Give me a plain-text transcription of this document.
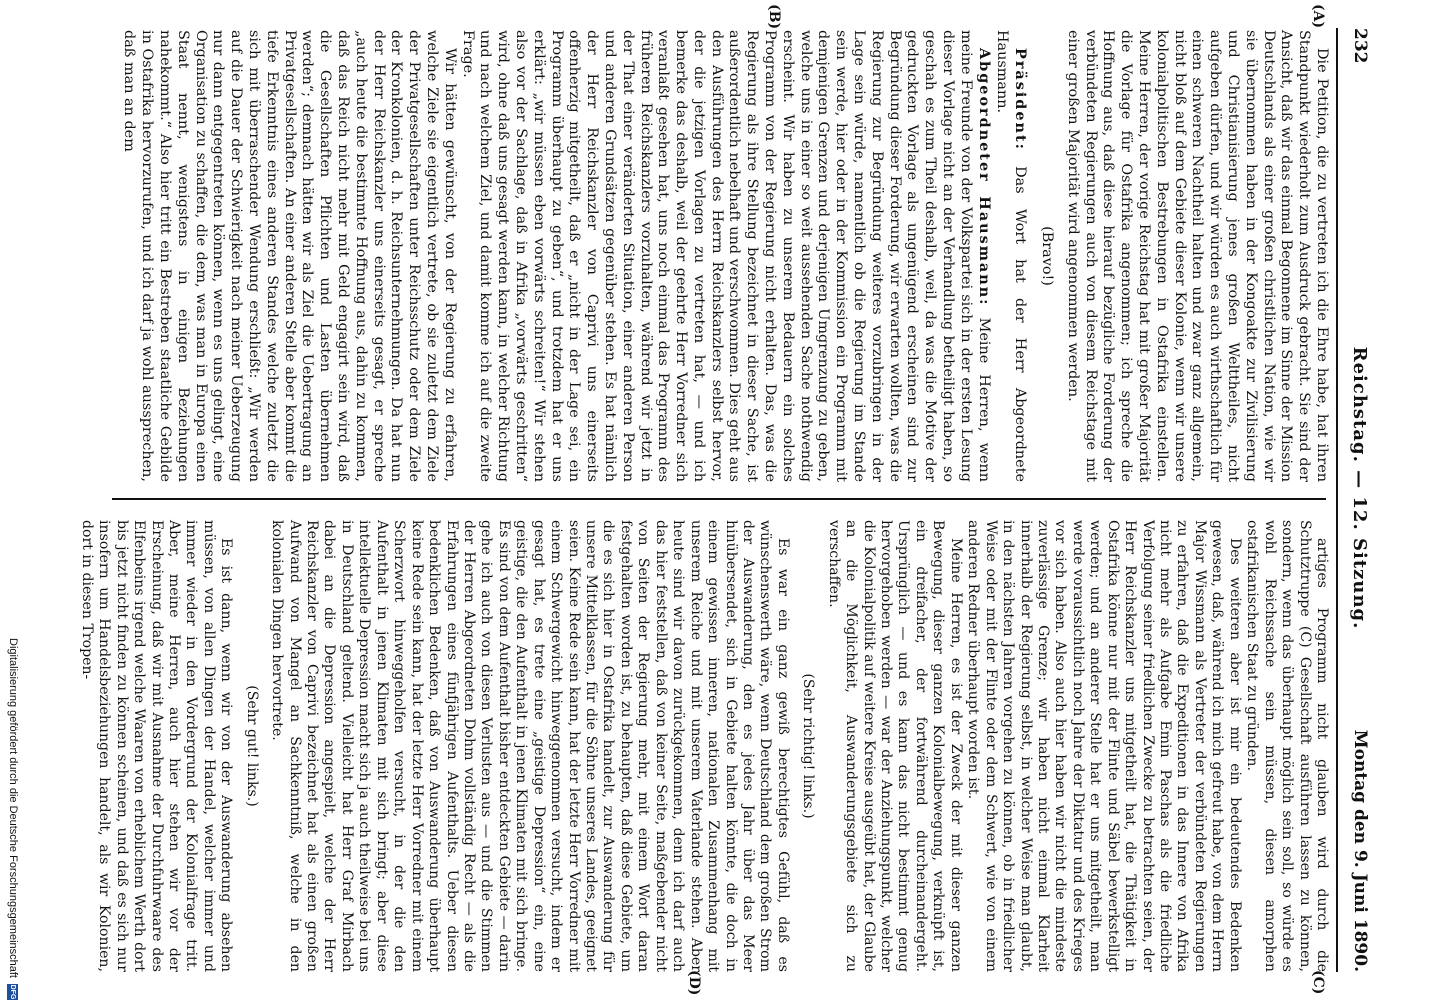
232
Reichstag. — 12. Sitzung.
Montag den 9. Juni 1890.
(A)
(B)
(C)
(D)

Die Petition, die zu vertreten ich die Ehre habe, hat ihren Standpunkt wiederholt zum Ausdruck gebracht. Sie sind der Ansicht, daß wir das einmal Begonnene im Sinne der Mission Deutschlands als einer großen christlichen Nation, wie wir sie übernommen haben in der Kongoakte zur Zivilisierung und Christianisierung jenes großen Welttheiles, nicht aufgeben dürfen, und wir würden es auch wirthschaftlich für einen schweren Nachtheil halten und zwar ganz allgemein, nicht bloß auf dem Gebiete dieser Kolonie, wenn wir unsere kolonialpolitischen Bestrebungen in Ostafrika einstellen. Meine Herren, der vorige Reichstag hat mit großer Majorität die Vorlage für Ostafrika angenommen; ich spreche die Hoffnung aus, daß diese hierauf bezügliche Forderung der verbündeten Regierungen auch von diesem Reichstage mit einer großen Majorität wird angenommen werden.

(Bravo!)

Präsident: Das Wort hat der Herr Abgeordnete Hausmann.

Abgeordneter Hausmann: Meine Herren, wenn meine Freunde von der Volkspartei sich in der ersten Lesung dieser Vorlage nicht an der Verhandlung betheiligt haben, so geschah es zum Theil deshalb, weil, da was die Motive der gedruckten Vorlage als ungenügend erscheinen sind zur Begründung dieser Forderung, wir erwarten wollten, was die Regierung zur Begründung weiteres vorzubringen in der Lage sein würde, namentlich ob die Regierung im Stande sein werde, hier oder in der Kommission ein Programm mit demjenigen Grenzen und derjenigen Umgrenzung zu geben, welche uns in einer so weit aussehenden Sache nothwendig erscheint. Wir haben zu unserem Bedauern ein solches Programm von der Regierung nicht erhalten. Das, was die Regierung als ihre Stellung bezeichnet in dieser Sache, ist außerordentlich nebelhaft und verschwommen. Dies geht aus den Ausführungen des Herrn Reichskanzlers selbst hervor, der die jetzigen Vorlagen zu vertreten hat, — und ich bemerke das deshalb, weil der geehrte Herr Vorredner sich veranlaßt gesehen hat, uns noch einmal das Programm des früheren Reichskanzlers vorzuhalten, während wir jetzt in der That einer veränderten Situation, einer anderen Person und anderen Grundsätzen gegenüber stehen. Es hat nämlich der Herr Reichskanzler von Caprivi uns einerseits offenherzig mitgetheilt, daß er „nicht in der Lage sei, ein Programm überhaupt zu geben“, und trotzdem hat er uns erklärt: „wir müssen eben vorwärts schreiten!“ Wir stehen also vor der Sachlage, daß in Afrika „vorwärts geschritten“ wird, ohne daß uns gesagt werden kann, in welcher Richtung und nach welchem Ziel, und damit komme ich auf die zweite Frage.

Wir hätten gewünscht, von der Regierung zu erfahren, welche Ziele sie eigentlich vertrete, ob sie zuletzt dem Ziele der Privatgesellschaften unter Reichsschutz oder dem Ziele der Kronkolonien, d. h. Reichsunternehmungen. Da hat nun der Herr Reichskanzler uns einerseits gesagt, er spreche „auch heute die bestimmte Hoffnung aus, dahin zu kommen, daß das Reich nicht mehr mit Geld engagirt sein wird, daß die Gesellschaften Pflichten und Lasten übernehmen werden“; demnach hätten wir als Ziel die Uebertragung an Privatgesellschaften. An einer anderen Stelle aber kommt die tiefe Erkenntnis eines anderen Standes welche zuletzt die sich mit überraschender Wendung erschließt: „Wir werden auf die Dauer der Schwierigkeit nach meiner Ueberzeugung nur dann entgegentreten können, wenn es uns gelingt, eine Organisation zu schaffen, die dem, was man in Europa einen Staat nennt, wenigstens in einigen Beziehungen nahekommt.“ Also hier tritt ein Bestreben staatliche Gebilde in Ostafrika hervorzurufen, und ich darf ja wohl aussprechen, daß man an dem

artiges Programm nicht glauben wird durch die Schutztruppe (C) Gesellschaft ausführen lassen zu können, sondern, wenn das überhaupt möglich sein soll, so würde es wohl Reichssache sein müssen, diesen amorphen ostafrikanischen Staat zu gründen.

Des weiteren aber ist mir ein bedeutendes Bedenken gewesen, daß, während ich mich gefreut habe, von dem Herrn Major Wissmann als Vertreter der verbündeten Regierungen zu erfahren, daß die Expeditionen in das Innere von Afrika nicht mehr als Aufgabe Emin Paschas als die friedliche Verfolgung seiner friedlichen Zwecke zu betrachten seien, der Herr Reichskanzler uns mitgetheilt hat, die Thätigkeit in Ostafrika könne nur mit der Flinte und Säbel bewerkstelligt werden; und an anderer Stelle hat er uns mitgetheilt, man werde voraussichtlich noch Jahre der Diktatur und des Krieges vor sich haben. Also auch hier haben wir nicht die mindeste zuverlässige Grenze; wir haben nicht einmal Klarheit innerhalb der Regierung selbst, in welcher Weise man glaubt, in den nächsten Jahren vorgehen zu können, ob in friedlicher Weise oder mit der Flinte oder dem Schwert, wie von einem anderen Redner überhaupt worden ist.

Meine Herren, es ist der Zweck der mit dieser ganzen Bewegung, dieser ganzen Kolonialbewegung, verknüpft ist, ein dreifacher, der fortwährend durcheinandergeht. Ursprünglich — und es kann das nicht bestimmt genug hervorgehoben werden — war der Anziehungspunkt, welcher die Kolonialpolitik auf weitere Kreise ausgeübt hat, der Glaube an die Möglichkeit, Auswanderungsgebiete sich zu verschaffen.

(Sehr richtig! links.)

Es war ein ganz gewiß berechtigtes Gefühl, daß es wünschenswerth wäre, wenn Deutschland dem großen Strom der Auswanderung, den es jedes Jahr über das Meer hinübersendet, sich in Gebiete halten könnte, die doch in einem gewissen inneren, nationalen Zusammenhang mit unserem Reiche und mit unserem Vaterlande stehen. Aber heute sind wir davon zurückgekommen, denn ich darf auch das hier feststellen, daß von keiner Seite, maßgebender nicht von Seiten der Regierung mehr, mit einem Wort daran festgehalten worden ist, zu behaupten, daß diese Gebiete, um die es sich hier in Ostafrika handelt, zur Auswanderung für unsere Mittelklassen, für die Söhne unseres Landes, geeignet seien. Keine Rede sein kann, hat der letzte Herr Vorredner mit einem Schwergewicht hinweggenommen versucht, indem er gesagt hat, es trete eine „geistige Depression“ ein, eine geistige, die den Aufenthalt in jenen Klimaten mit sich bringe. Es sind von dem Aufenthalt bisher entdeckten Gebiete — darin gehe ich auch von diesen Verlusten aus — und die Stimmen der Herren Abgeordneten Dohm vollständig Recht — als die Erfahrungen eines fünfjährigen Aufenthalts. Ueber diesen bedenklichen Bedenken, daß von Auswanderung überhaupt keine Rede sein kann, hat der letzte Herr Vorredner mit einem Scherzwort hinweggeholfen versucht, in der die den Aufenthalt in jenen Klimaten mit sich bringt; aber diese intellektuelle Depression macht sich ja auch theilweise bei uns in Deutschland geltend. Vielleicht hat Herr Graf Mirbach dabei an die Depression angespielt, welche der Herr Reichskanzler von Caprivi bezeichnet hat als einen großen Aufwand von Mangel an Sachkenntniß, welche in den kolonialen Dingen hervortrete.

(Sehr gut! links.)

Es ist dann, wenn wir von der Auswanderung absehen müssen, von allen Dingen der Handel, welcher immer und immer wieder in den Vordergrund der Kolonialfrage tritt. Aber, meine Herren, auch hier stehen wir vor der Erscheinung, daß wir mit Ausnahme der Durchfuhrwaare des Elfenbeins irgend welche Waaren von erheblichem Werth dort bis jetzt nicht finden zu können scheinen, und daß es sich nur insofern um Handelsbeziehungen handelt, als wir Kolonien, dort in diesen Tropen-

DFG
Digitalisierung gefördert durch die Deutsche Forschungsgemeinschaft
